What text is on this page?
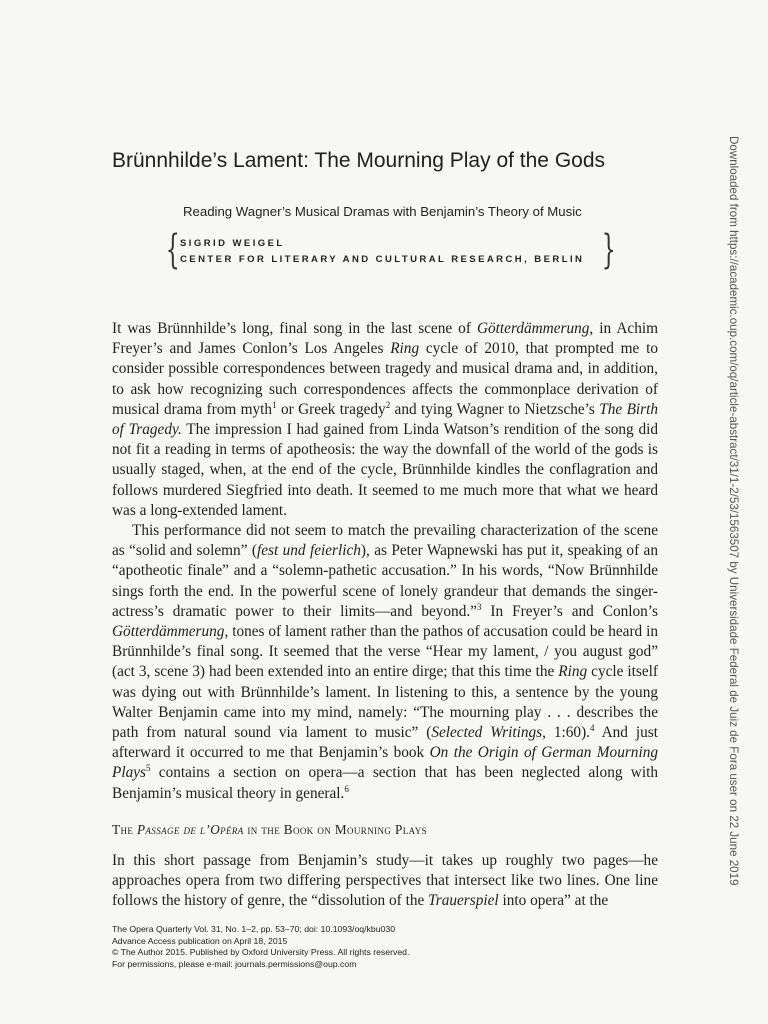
Brünnhilde’s Lament: The Mourning Play of the Gods
Reading Wagner’s Musical Dramas with Benjamin’s Theory of Music
{ SIGRID WEIGEL
CENTER FOR LITERARY AND CULTURAL RESEARCH, BERLIN }

It was Brünnhilde’s long, final song in the last scene of Götterdämmerung, in Achim Freyer’s and James Conlon’s Los Angeles Ring cycle of 2010, that prompted me to consider possible correspondences between tragedy and musical drama and, in addition, to ask how recognizing such correspondences affects the commonplace derivation of musical drama from myth$^1$ or Greek tragedy$^2$ and tying Wagner to Nietzsche’s The Birth of Tragedy. The impression I had gained from Linda Watson’s rendition of the song did not fit a reading in terms of apotheosis: the way the downfall of the world of the gods is usually staged, when, at the end of the cycle, Brünnhilde kindles the conflagration and follows murdered Siegfried into death. It seemed to me much more that what we heard was a long-extended lament.

This performance did not seem to match the prevailing characterization of the scene as “solid and solemn” (fest und feierlich), as Peter Wapnewski has put it, speaking of an “apotheotic finale” and a “solemn-pathetic accusation.” In his words, “Now Brünnhilde sings forth the end. In the powerful scene of lonely grandeur that demands the singer-actress’s dramatic power to their limits—and beyond.”$^3$ In Freyer’s and Conlon’s Götterdämmerung, tones of lament rather than the pathos of accusation could be heard in Brünnhilde’s final song. It seemed that the verse “Hear my lament, / you august god” (act 3, scene 3) had been extended into an entire dirge; that this time the Ring cycle itself was dying out with Brünnhilde’s lament. In listening to this, a sentence by the young Walter Benjamin came into my mind, namely: “The mourning play . . . describes the path from natural sound via lament to music” (Selected Writings, 1:60).$^4$ And just afterward it occurred to me that Benjamin’s book On the Origin of German Mourning Plays$^5$ contains a section on opera—a section that has been neglected along with Benjamin’s musical theory in general.$^6$

The Passage de l’Opéra in the Book on Mourning Plays

In this short passage from Benjamin’s study—it takes up roughly two pages—he approaches opera from two differing perspectives that intersect like two lines. One line follows the history of genre, the “dissolution of the Trauerspiel into opera” at the

The Opera Quarterly Vol. 31, No. 1–2, pp. 53–70; doi: 10.1093/oq/kbu030
Advance Access publication on April 18, 2015
© The Author 2015. Published by Oxford University Press. All rights reserved.
For permissions, please e-mail: journals.permissions@oup.com
Downloaded from https://academic.oup.com/oq/article-abstract/31/1-2/53/1563507 by Universidade Federal de Juiz de Fora user on 22 June 2019
